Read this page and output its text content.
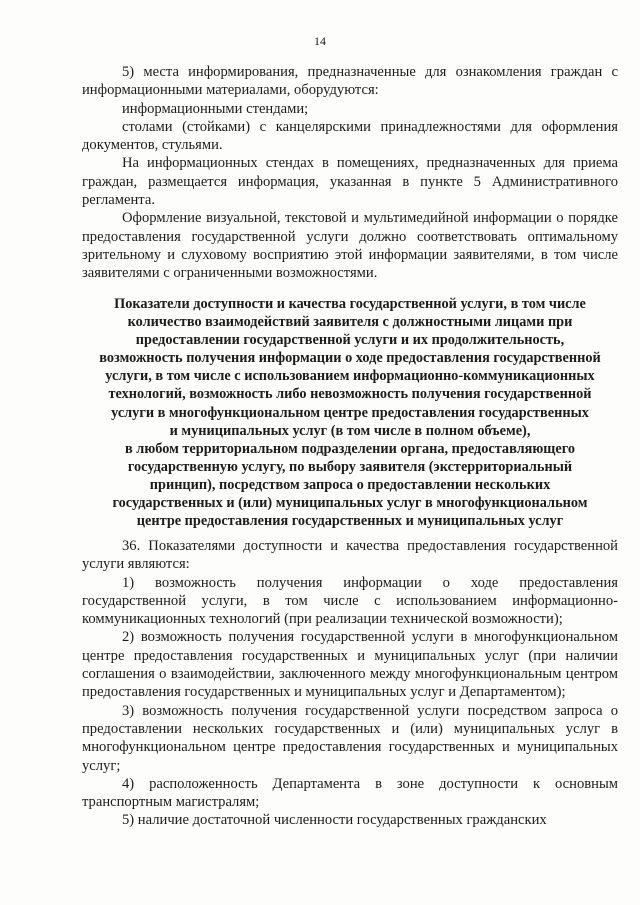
14

5) места информирования, предназначенные для ознакомления граждан с информационными материалами, оборудуются:

информационными стендами;

столами (стойками) с канцелярскими принадлежностями для оформления документов, стульями.

На информационных стендах в помещениях, предназначенных для приема граждан, размещается информация, указанная в пункте 5 Административного регламента.

Оформление визуальной, текстовой и мультимедийной информации о порядке предоставления государственной услуги должно соответствовать оптимальному зрительному и слуховому восприятию этой информации заявителями, в том числе заявителями с ограниченными возможностями.

Показатели доступности и качества государственной услуги, в том числе
количество взаимодействий заявителя с должностными лицами при
предоставлении государственной услуги и их продолжительность,
возможность получения информации о ходе предоставления государственной
услуги, в том числе с использованием информационно-коммуникационных
технологий, возможность либо невозможность получения государственной
услуги в многофункциональном центре предоставления государственных
и муниципальных услуг (в том числе в полном объеме),
в любом территориальном подразделении органа, предоставляющего
государственную услугу, по выбору заявителя (экстерриториальный
принцип), посредством запроса о предоставлении нескольких
государственных и (или) муниципальных услуг в многофункциональном
центре предоставления государственных и муниципальных услуг

36. Показателями доступности и качества предоставления государственной услуги являются:

1) возможность получения информации о ходе предоставления государственной услуги, в том числе с использованием информационно-коммуникационных технологий (при реализации технической возможности);

2) возможность получения государственной услуги в многофункциональном центре предоставления государственных и муниципальных услуг (при наличии соглашения о взаимодействии, заключенного между многофункциональным центром предоставления государственных и муниципальных услуг и Департаментом);

3) возможность получения государственной услуги посредством запроса о предоставлении нескольких государственных и (или) муниципальных услуг в многофункциональном центре предоставления государственных и муниципальных услуг;

4) расположенность Департамента в зоне доступности к основным транспортным магистралям;

5) наличие достаточной численности государственных гражданских
